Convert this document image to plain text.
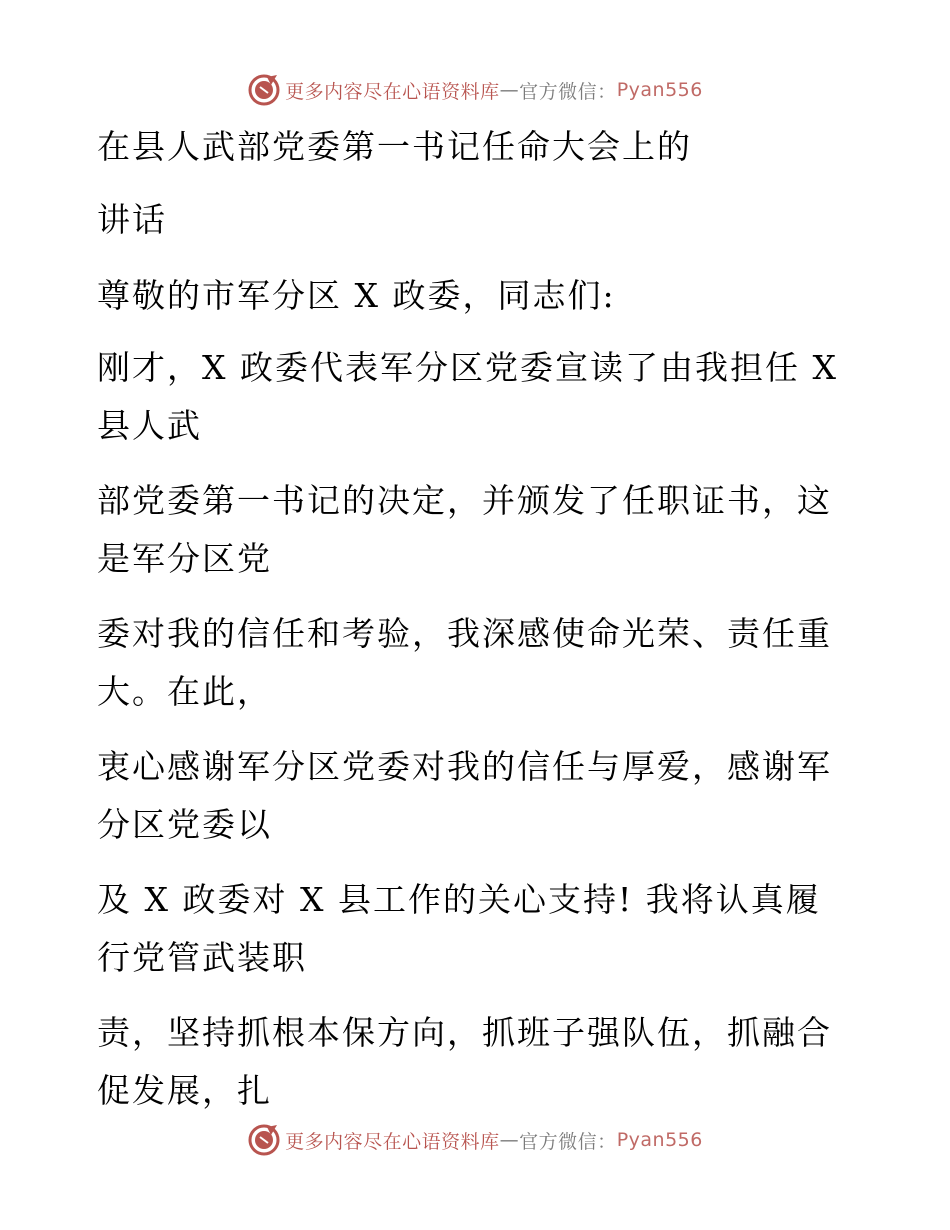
更多内容尽在心语资料库 — 官方微信： Pyan556
在县人武部党委第一书记任命大会上的
讲话
尊敬的市军分区 X 政委，同志们:
刚才，X 政委代表军分区党委宣读了由我担任 X
县人武
部党委第一书记的决定，并颁发了任职证书，这
是军分区党
委对我的信任和考验，我深感使命光荣、责任重
大。在此，
衷心感谢军分区党委对我的信任与厚爱，感谢军
分区党委以
及 X 政委对 X 县工作的关心支持! 我将认真履
行党管武装职
责，坚持抓根本保方向，抓班子强队伍，抓融合
促发展，扎
更多内容尽在心语资料库 — 官方微信： Pyan556
